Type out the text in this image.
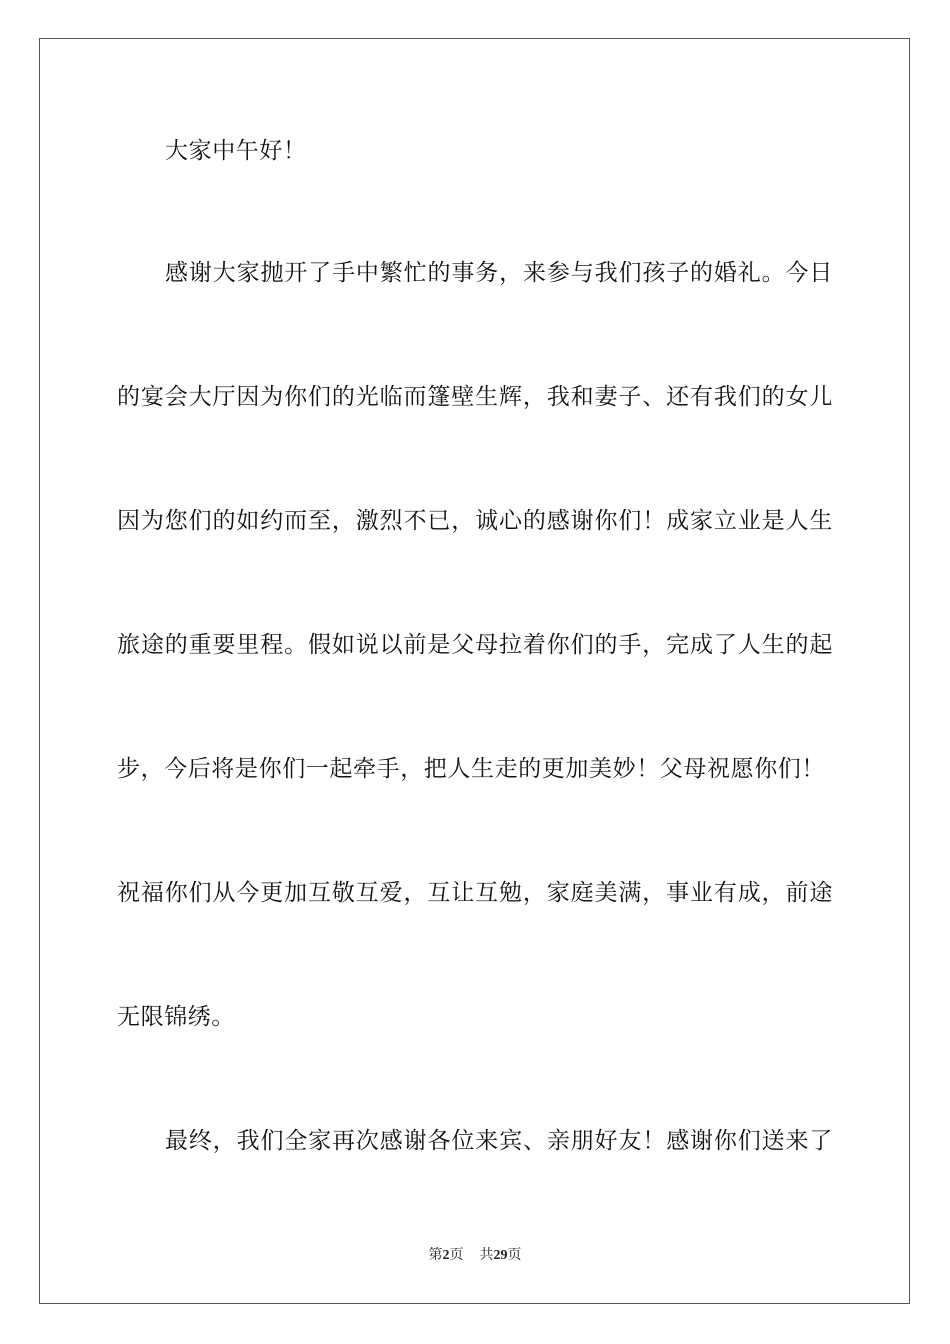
大家中午好！
感谢大家抛开了手中繁忙的事务，来参与我们孩子的婚礼。今日
的宴会大厅因为你们的光临而篷壁生辉，我和妻子、还有我们的女儿
因为您们的如约而至，激烈不已，诚心的感谢你们！成家立业是人生
旅途的重要里程。假如说以前是父母拉着你们的手，完成了人生的起
步，今后将是你们一起牵手，把人生走的更加美妙！父母祝愿你们！
祝福你们从今更加互敬互爱，互让互勉，家庭美满，事业有成，前途
无限锦绣。
最终，我们全家再次感谢各位来宾、亲朋好友！感谢你们送来了
第2页 共29页
